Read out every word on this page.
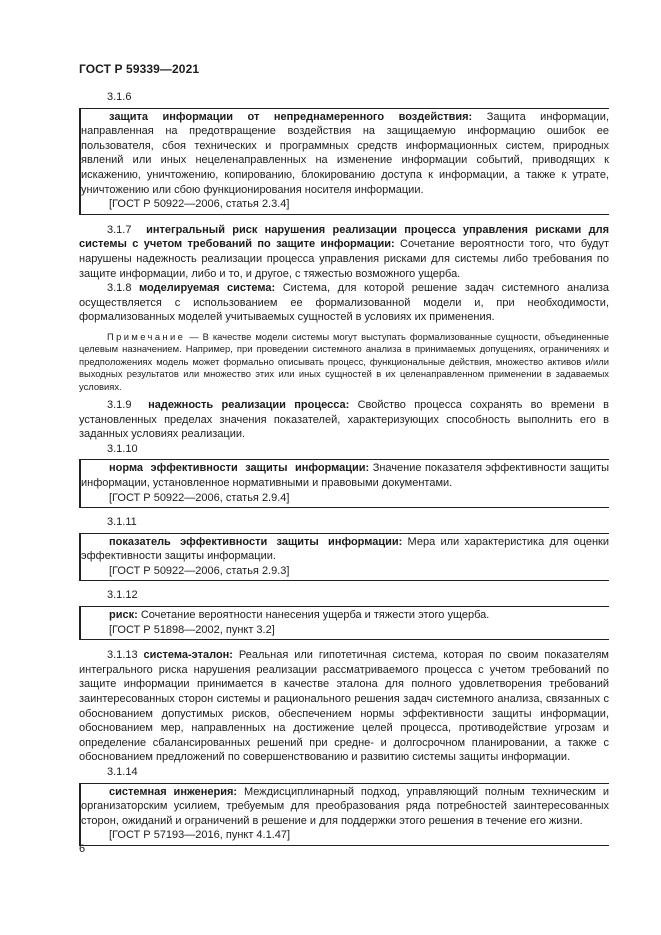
ГОСТ Р 59339—2021
3.1.6

защита информации от непреднамеренного воздействия: Защита информации, направленная на предотвращение воздействия на защищаемую информацию ошибок ее пользователя, сбоя технических и программных средств информационных систем, природных явлений или иных нецеленаправленных на изменение информации событий, приводящих к искажению, уничтожению, копированию, блокированию доступа к информации, а также к утрате, уничтожению или сбою функционирования носителя информации.

[ГОСТ Р 50922—2006, статья 2.3.4]

3.1.7 интегральный риск нарушения реализации процесса управления рисками для системы с учетом требований по защите информации: Сочетание вероятности того, что будут нарушены надежность реализации процесса управления рисками для системы либо требования по защите информации, либо и то, и другое, с тяжестью возможного ущерба.

3.1.8 моделируемая система: Система, для которой решение задач системного анализа осуществляется с использованием ее формализованной модели и, при необходимости, формализованных моделей учитываемых сущностей в условиях их применения.

Примечание — В качестве модели системы могут выступать формализованные сущности, объединенные целевым назначением. Например, при проведении системного анализа в принимаемых допущениях, ограничениях и предположениях модель может формально описывать процесс, функциональные действия, множество активов и/или выходных результатов или множество этих или иных сущностей в их целенаправленном применении в задаваемых условиях.

3.1.9 надежность реализации процесса: Свойство процесса сохранять во времени в установленных пределах значения показателей, характеризующих способность выполнить его в заданных условиях реализации.

3.1.10

норма эффективности защиты информации: Значение показателя эффективности защиты информации, установленное нормативными и правовыми документами.

[ГОСТ Р 50922—2006, статья 2.9.4]
3.1.11

показатель эффективности защиты информации: Мера или характеристика для оценки эффективности защиты информации.

[ГОСТ Р 50922—2006, статья 2.9.3]
3.1.12

риск: Сочетание вероятности нанесения ущерба и тяжести этого ущерба.

[ГОСТ Р 51898—2002, пункт 3.2]

3.1.13 система-эталон: Реальная или гипотетичная система, которая по своим показателям интегрального риска нарушения реализации рассматриваемого процесса с учетом требований по защите информации принимается в качестве эталона для полного удовлетворения требований заинтересованных сторон системы и рационального решения задач системного анализа, связанных с обоснованием допустимых рисков, обеспечением нормы эффективности защиты информации, обоснованием мер, направленных на достижение целей процесса, противодействие угрозам и определение сбалансированных решений при средне- и долгосрочном планировании, а также с обоснованием предложений по совершенствованию и развитию системы защиты информации.

3.1.14

системная инженерия: Междисциплинарный подход, управляющий полным техническим и организаторским усилием, требуемым для преобразования ряда потребностей заинтересованных сторон, ожиданий и ограничений в решение и для поддержки этого решения в течение его жизни.

[ГОСТ Р 57193—2016, пункт 4.1.47]
6
